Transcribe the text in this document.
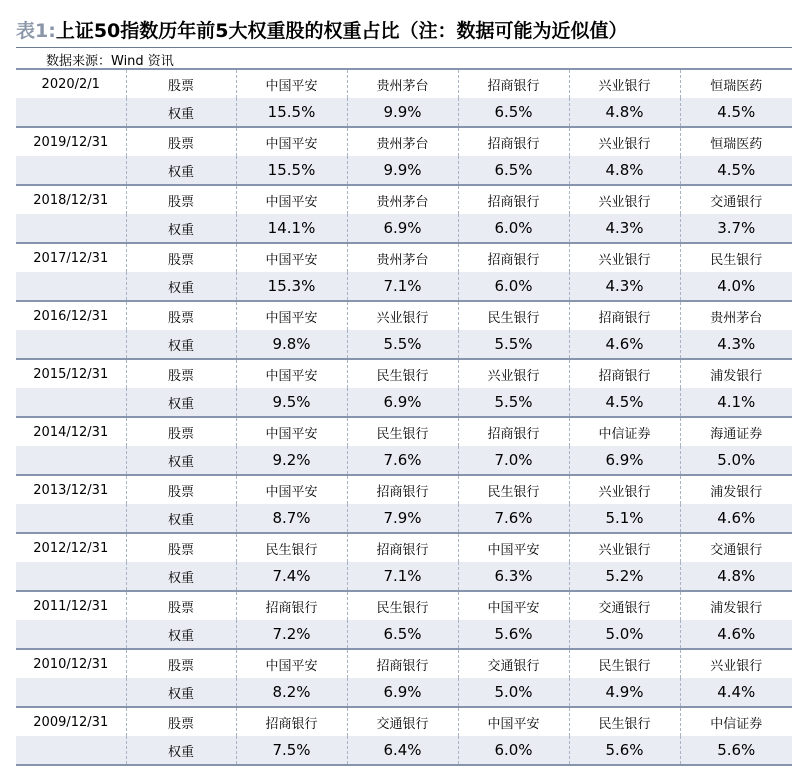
表1: 上证50指数历年前5大权重股的权重占比（注：数据可能为近似值）
数据来源：Wind 资讯
2020/2/1	股票	中国平安	贵州茅台	招商银行	兴业银行	恒瑞医药
	权重	15.5%	9.9%	6.5%	4.8%	4.5%
2019/12/31	股票	中国平安	贵州茅台	招商银行	兴业银行	恒瑞医药
	权重	15.5%	9.9%	6.5%	4.8%	4.5%
2018/12/31	股票	中国平安	贵州茅台	招商银行	兴业银行	交通银行
	权重	14.1%	6.9%	6.0%	4.3%	3.7%
2017/12/31	股票	中国平安	贵州茅台	招商银行	兴业银行	民生银行
	权重	15.3%	7.1%	6.0%	4.3%	4.0%
2016/12/31	股票	中国平安	兴业银行	民生银行	招商银行	贵州茅台
	权重	9.8%	5.5%	5.5%	4.6%	4.3%
2015/12/31	股票	中国平安	民生银行	兴业银行	招商银行	浦发银行
	权重	9.5%	6.9%	5.5%	4.5%	4.1%
2014/12/31	股票	中国平安	民生银行	招商银行	中信证券	海通证券
	权重	9.2%	7.6%	7.0%	6.9%	5.0%
2013/12/31	股票	中国平安	招商银行	民生银行	兴业银行	浦发银行
	权重	8.7%	7.9%	7.6%	5.1%	4.6%
2012/12/31	股票	民生银行	招商银行	中国平安	兴业银行	交通银行
	权重	7.4%	7.1%	6.3%	5.2%	4.8%
2011/12/31	股票	招商银行	民生银行	中国平安	交通银行	浦发银行
	权重	7.2%	6.5%	5.6%	5.0%	4.6%
2010/12/31	股票	中国平安	招商银行	交通银行	民生银行	兴业银行
	权重	8.2%	6.9%	5.0%	4.9%	4.4%
2009/12/31	股票	招商银行	交通银行	中国平安	民生银行	中信证券
	权重	7.5%	6.4%	6.0%	5.6%	5.6%
